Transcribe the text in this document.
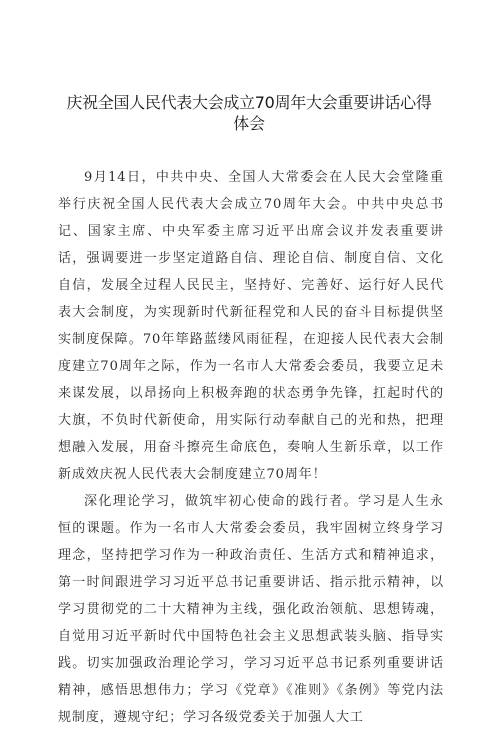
庆祝全国人民代表大会成立70周年大会重要讲话心得体会

9月14日，中共中央、全国人大常委会在人民大会堂隆重举行庆祝全国人民代表大会成立70周年大会。中共中央总书记、国家主席、中央军委主席习近平出席会议并发表重要讲话，强调要进一步坚定道路自信、理论自信、制度自信、文化自信，发展全过程人民民主，坚持好、完善好、运行好人民代表大会制度，为实现新时代新征程党和人民的奋斗目标提供坚实制度保障。70年筚路蓝缕风雨征程，在迎接人民代表大会制度建立70周年之际，作为一名市人大常委会委员，我要立足未来谋发展，以昂扬向上积极奔跑的状态勇争先锋，扛起时代的大旗，不负时代新使命，用实际行动奉献自己的光和热，把理想融入发展，用奋斗擦亮生命底色，奏响人生新乐章，以工作新成效庆祝人民代表大会制度建立70周年！

深化理论学习，做筑牢初心使命的践行者。学习是人生永恒的课题。作为一名市人大常委会委员，我牢固树立终身学习理念，坚持把学习作为一种政治责任、生活方式和精神追求，第一时间跟进学习习近平总书记重要讲话、指示批示精神，以学习贯彻党的二十大精神为主线，强化政治领航、思想铸魂，自觉用习近平新时代中国特色社会主义思想武装头脑、指导实践。切实加强政治理论学习，学习习近平总书记系列重要讲话精神，感悟思想伟力；学习《党章》《准则》《条例》等党内法规制度，遵规守纪；学习各级党委关于加强人大工
